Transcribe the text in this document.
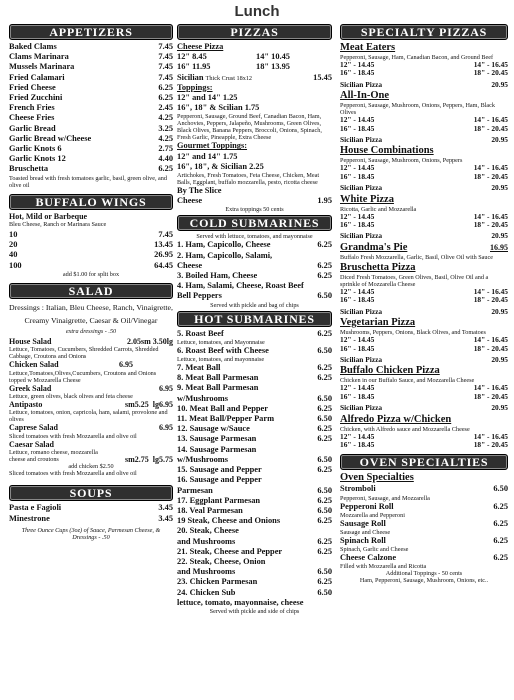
Lunch
APPETIZERS
Baked Clams	7.45
Clams Marinara	7.45
Mussels Marinara	7.45
Fried Calamari	7.45
Fried Cheese	6.25
Fried Zucchini	6.25
French Fries	2.45
Cheese Fries	4.25
Garlic Bread	3.25
Garlic Bread w/Cheese	4.25
Garlic Knots 6	2.75
Garlic Knots 12	4.40
Bruschetta	6.25
Toasted bread with fresh tomatoes garlic, basil, green olive, and olive oil
BUFFALO WINGS
Hot, Mild or Barbeque
Bleu Cheese, Ranch or Marinara Sauce
10	7.45
20	13.45
40	26.95
100	64.45
add $1.00 for split box
SALAD
Dressings : Italian, Bleu Cheese, Ranch, Vinaigrette, Creamy Vinaigrette, Caesar & Oil/Vinegar
extra dressings - .50
House Salad	2.05sm 3.50lg
Lettuce, Tomatoes, Cucumbers, Shredded Carrots, Shredded Cabbage, Croutons and Onions
Chicken Salad	6.95
Lettuce,Tomatoes,Olives,Cucumbers, Croutons and Onions topped w Mozzarella Cheese
Greek Salad	6.95
Lettuce, green olives, black olives and feta cheese
Antipasto	sm5.25 lg6.95
Lettuce, tomatoes, onion, capricola, ham, salami, provolone and olives
Caprese Salad	6.95
Sliced tomatoes with fresh Mozzarella and olive oil
Caesar Salad
Lettuce, romano cheese, mozzarella cheese and croutons	sm2.75 lg5.75
add chicken $2.50
Sliced tomatoes with fresh Mozzarella and olive oil
SOUPS
Pasta e Fagioli	3.45
Minestrone	3.45
Three Ounce Cups (3oz) of Sauce, Parmesan Cheese, & Dressings - .50
PIZZAS
Cheese Pizza
12" 8.45	14" 10.45
16" 11.95	18" 13.95
Sicilian Thick Crust 18x12	15.45
Toppings:
12" and 14" 1.25
16", 18" & Scilian 1.75
Pepperoni, Sausage, Ground Beef, Canadian Bacon, Ham, Anchovies, Peppers, Jalapeño, Mushrooms, Green Olives, Black Olives, Banana Peppers, Broccoli, Onions, Spinach, Fresh Garlic, Pineapple, Extra Cheese
Gourmet Toppings:
12" and 14" 1.75
16", 18", & Sicilian 2.25
Artichokes, Fresh Tomatoes, Feta Cheese, Chicken, Meat Balls, Eggplant, buffalo mozzarella, pesto, ricotta cheese
By The Slice
Cheese	1.95
Extra toppings 50 cents
COLD SUBMARINES
Served with lettuce, tomatoes, and mayonnaise
1. Ham, Capicollo, Cheese	6.25
2. Ham, Capicollo, Salami,
Cheese	6.25
3. Boiled Ham, Cheese	6.25
4. Ham, Salami, Cheese, Roast Beef
Bell Peppers	6.50
Served with pickle and bag of chips
HOT SUBMARINES
5. Roast Beef	6.25
Lettuce, tomatoes, and Mayonnaise
6. Roast Beef with Cheese	6.50
Lettuce, tomatoes, and mayonnaise
7. Meat Ball	6.25
8. Meat Ball Parmesan	6.25
9. Meat Ball Parmesan
w/Mushrooms	6.50
10. Meat Ball and Pepper	6.25
11. Meat Ball/Pepper Parm	6.50
12. Sausage w/Sauce	6.25
13. Sausage Parmesan	6.25
14. Sausage Parmesan
w/Mushrooms	6.50
15. Sausage and Pepper	6.25
16. Sausage and Pepper
Parmesan	6.50
17. Eggplant Parmesan	6.25
18. Veal Parmesan	6.50
19 Steak, Cheese and Onions	6.25
20. Steak, Cheese
and Mushrooms	6.25
21. Steak, Cheese and Pepper	6.25
22. Steak, Cheese, Onion
and Mushrooms	6.50
23. Chicken Parmesan	6.25
24. Chicken Sub	6.50
lettuce, tomato, mayonnaise, cheese
Served with pickle and side of chips
SPECIALTY PIZZAS
Meat Eaters
Pepperoni, Sausage, Ham, Canadian Bacon, and Ground Beef
12" - 14.45	14" - 16.45
16" - 18.45	18" - 20.45
Sicilian Pizza	20.95
All-In-One
Pepperoni, Sausage, Mushroom, Onions, Peppers, Ham, Black Olives
12" - 14.45	14" - 16.45
16" - 18.45	18" - 20.45
Sicilian Pizza	20.95
House Combinations
Pepperoni, Sausage, Mushroom, Onions, Peppers
12" - 14.45	14" - 16.45
16" - 18.45	18" - 20.45
Sicilian Pizza	20.95
White Pizza
Ricotta, Garlic and Mozzarella
12" - 14.45	14" - 16.45
16" - 18.45	18" - 20.45
Sicilian Pizza	20.95
Grandma's Pie	16.95
Buffalo Fresh Mozzarella, Garlic, Basil, Olive Oil with Sauce
Bruschetta Pizza
Diced Fresh Tomatoes, Green Olives, Basil, Olive Oil and a sprinkle of Mozzarella Cheese
12" - 14.45	14" - 16.45
16" - 18.45	18" - 20.45
Sicilian Pizza	20.95
Vegetarian Pizza
Mushrooms, Peppers, Onions, Black Olives, and Tomatoes
12" - 14.45	14" - 16.45
16" - 18.45	18" - 20.45
Sicilian Pizza	20.95
Buffalo Chicken Pizza
Chicken in our Buffalo Sauce, and Mozzarella Cheese
12" - 14.45	14" - 16.45
16" - 18.45	18" - 20.45
Sicilian Pizza	20.95
Alfredo Pizza w/Chicken
Chicken, with Alfredo sauce and Mozzarella Cheese
12" - 14.45	14" - 16.45
16" - 18.45	18" - 20.45
OVEN SPECIALTIES
Oven Specialties
Stromboli	6.50
Pepperoni, Sausage, and Mozzarella
Pepperoni Roll	6.25
Mozzarella and Pepperoni
Sausage Roll	6.25
Sausage and Cheese
Spinach Roll	6.25
Spinach, Garlic and Cheese
Cheese Calzone	6.25
Filled with Mozzarella and Ricotta
Additional Toppings - 50 cents
Ham, Pepperoni, Sausage, Mushroom, Onions, etc..
